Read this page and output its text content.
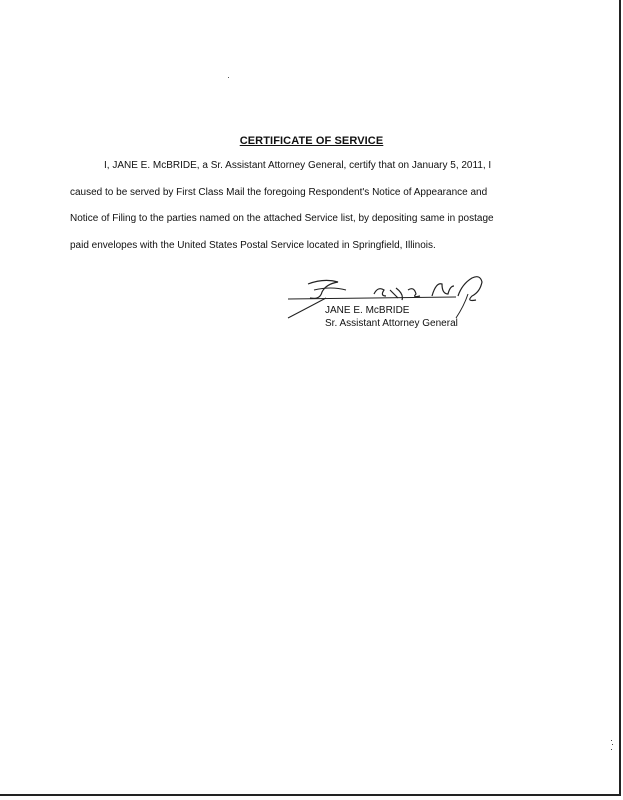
CERTIFICATE OF SERVICE
I, JANE E. McBRIDE, a Sr. Assistant Attorney General, certify that on January 5, 2011, I
caused to be served by First Class Mail the foregoing Respondent's Notice of Appearance and
Notice of Filing to the parties named on the attached Service list, by depositing same in postage
paid envelopes with the United States Postal Service located in Springfield, Illinois.
JANE E. McBRIDE
Sr. Assistant Attorney General
